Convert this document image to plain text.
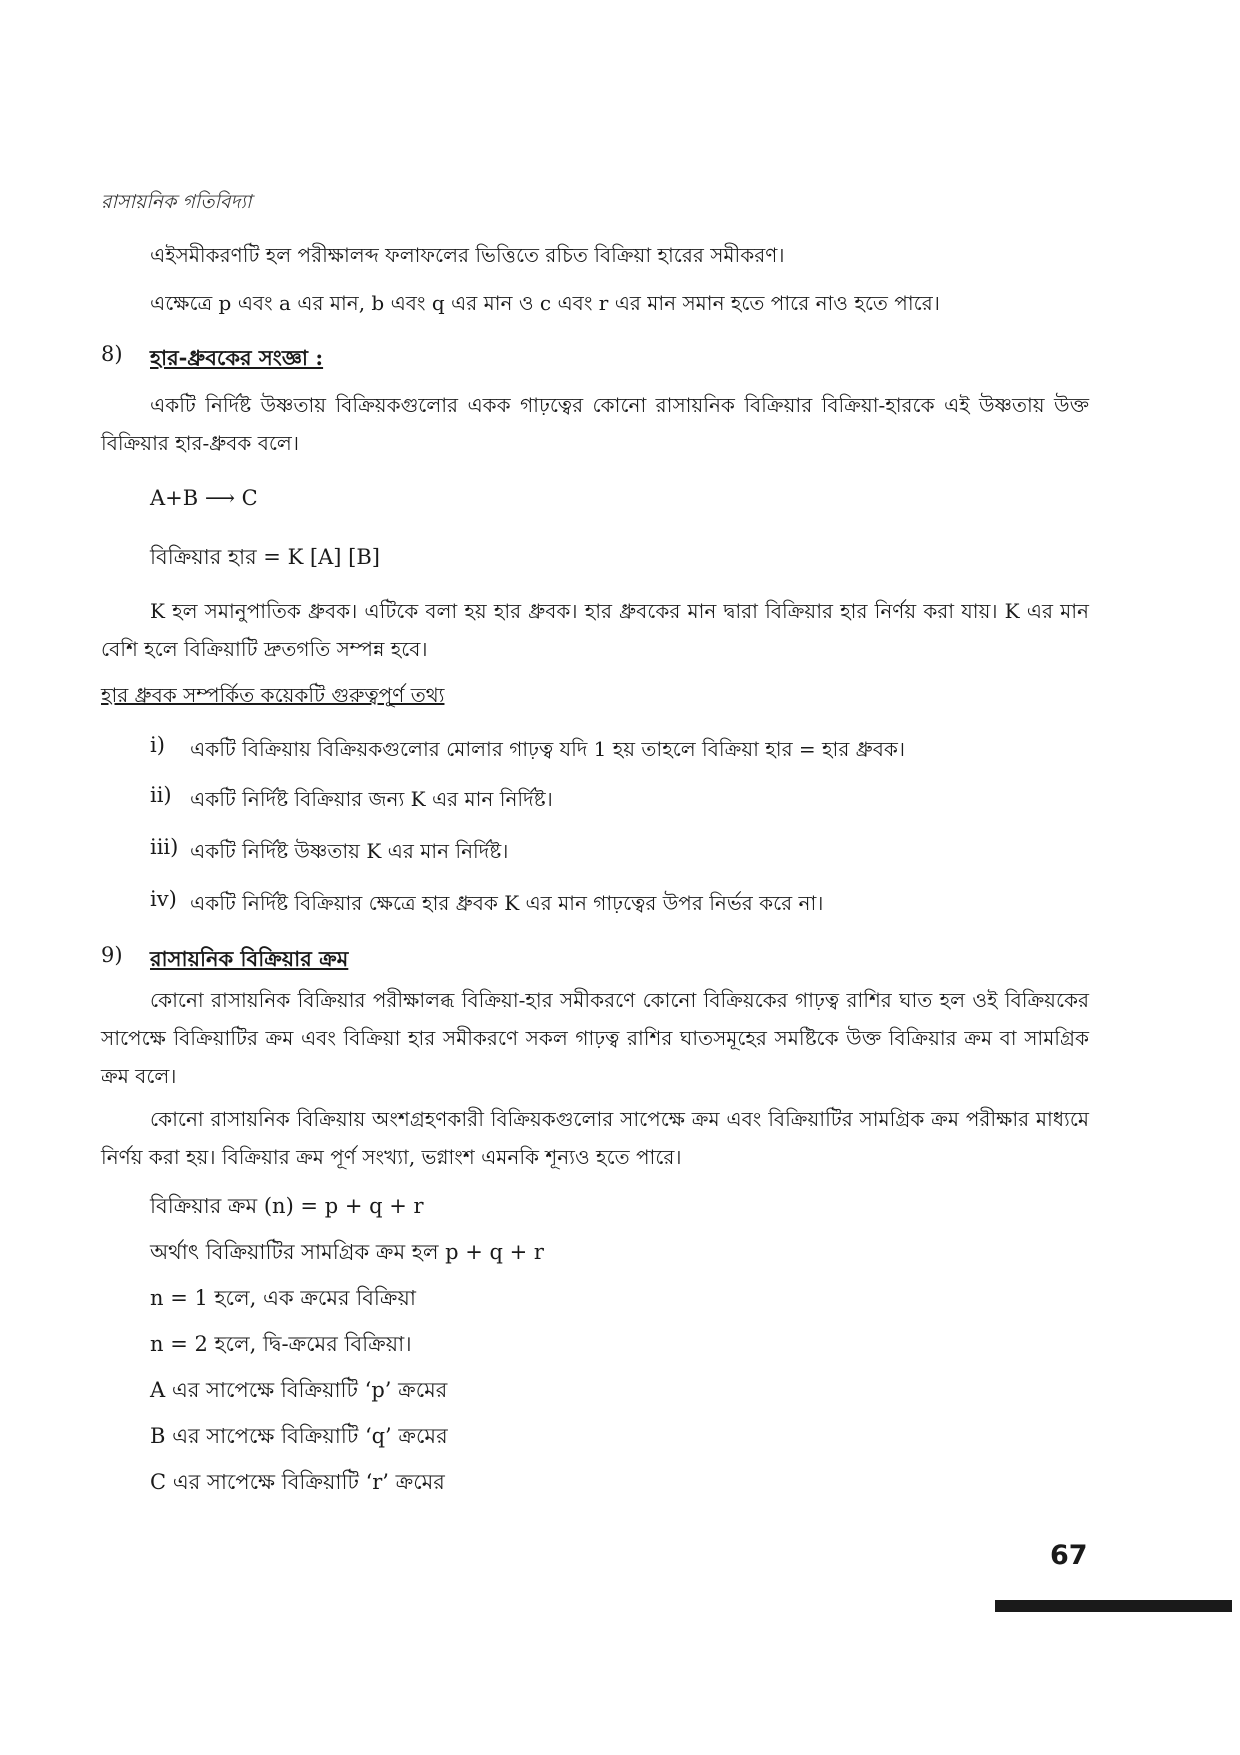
রাসায়নিক গতিবিদ্যা
এইসমীকরণটি হল পরীক্ষালব্দ ফলাফলের ভিত্তিতে রচিত বিক্রিয়া হারের সমীকরণ।
এক্ষেত্রে p এবং a এর মান, b এবং q এর মান ও c এবং r এর মান সমান হতে পারে নাও হতে পারে।
8) হার-ধ্রুবকের সংজ্ঞা :
একটি নির্দিষ্ট উষ্ণতায় বিক্রিয়কগুলোর একক গাঢ়ত্বের কোনো রাসায়নিক বিক্রিয়ার বিক্রিয়া-হারকে এই উষ্ণতায় উক্ত বিক্রিয়ার হার-ধ্রুবক বলে।
A+B ⟶ C
বিক্রিয়ার হার = K [A] [B]
K হল সমানুপাতিক ধ্রুবক। এটিকে বলা হয় হার ধ্রুবক। হার ধ্রুবকের মান দ্বারা বিক্রিয়ার হার নির্ণয় করা যায়। K এর মান বেশি হলে বিক্রিয়াটি দ্রুতগতি সম্পন্ন হবে।
হার ধ্রুবক সম্পর্কিত কয়েকটি গুরুত্বপূর্ণ তথ্য
i) একটি বিক্রিয়ায় বিক্রিয়কগুলোর মোলার গাঢ়ত্ব যদি 1 হয় তাহলে বিক্রিয়া হার = হার ধ্রুবক।
ii) একটি নির্দিষ্ট বিক্রিয়ার জন্য K এর মান নির্দিষ্ট।
iii) একটি নির্দিষ্ট উষ্ণতায় K এর মান নির্দিষ্ট।
iv) একটি নির্দিষ্ট বিক্রিয়ার ক্ষেত্রে হার ধ্রুবক K এর মান গাঢ়ত্বের উপর নির্ভর করে না।
9) রাসায়নিক বিক্রিয়ার ক্রম
কোনো রাসায়নিক বিক্রিয়ার পরীক্ষালব্ধ বিক্রিয়া-হার সমীকরণে কোনো বিক্রিয়কের গাঢ়ত্ব রাশির ঘাত হল ওই বিক্রিয়কের সাপেক্ষে বিক্রিয়াটির ক্রম এবং বিক্রিয়া হার সমীকরণে সকল গাঢ়ত্ব রাশির ঘাতসমূহের সমষ্টিকে উক্ত বিক্রিয়ার ক্রম বা সামগ্রিক ক্রম বলে।
কোনো রাসায়নিক বিক্রিয়ায় অংশগ্রহণকারী বিক্রিয়কগুলোর সাপেক্ষে ক্রম এবং বিক্রিয়াটির সামগ্রিক ক্রম পরীক্ষার মাধ্যমে নির্ণয় করা হয়। বিক্রিয়ার ক্রম পূর্ণ সংখ্যা, ভগ্নাংশ এমনকি শূন্যও হতে পারে।
বিক্রিয়ার ক্রম (n) = p + q + r
অর্থাৎ বিক্রিয়াটির সামগ্রিক ক্রম হল p + q + r
n = 1 হলে, এক ক্রমের বিক্রিয়া
n = 2 হলে, দ্বি-ক্রমের বিক্রিয়া।
A এর সাপেক্ষে বিক্রিয়াটি ‘p’ ক্রমের
B এর সাপেক্ষে বিক্রিয়াটি ‘q’ ক্রমের
C এর সাপেক্ষে বিক্রিয়াটি ‘r’ ক্রমের
67
